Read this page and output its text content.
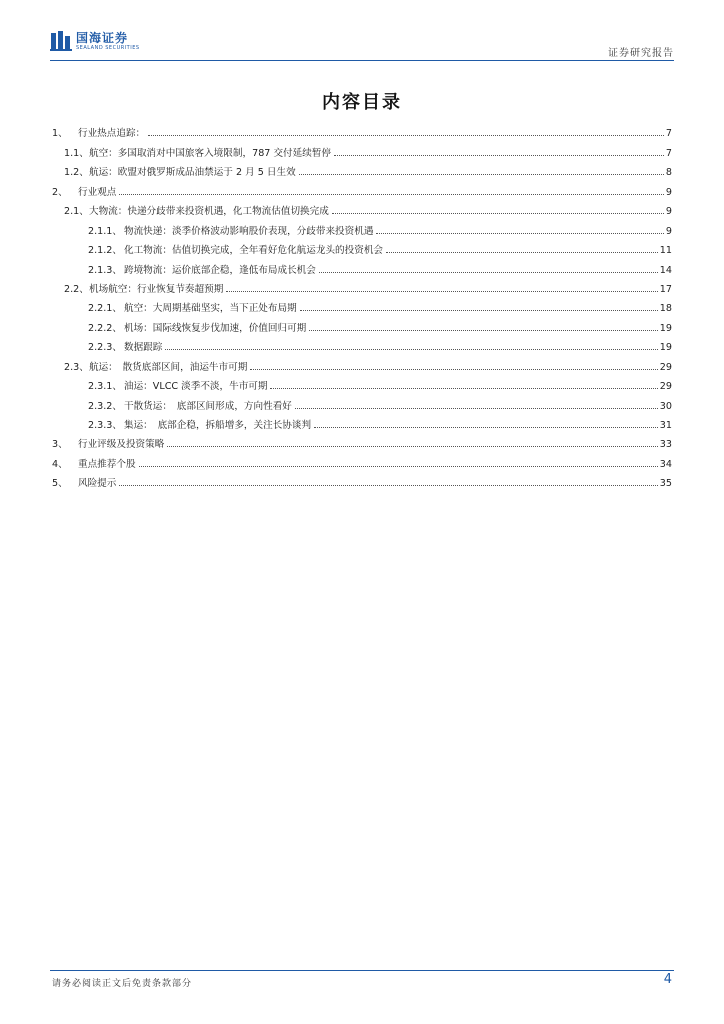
国海证券
SEALAND SECURITIES
证券研究报告
内容目录
1、	行业热点追踪：	7
1.1、 航空：多国取消对中国旅客入境限制，787 交付延续暂停	7
1.2、 航运：欧盟对俄罗斯成品油禁运于 2 月 5 日生效	8
2、	行业观点	9
2.1、 大物流：快递分歧带来投资机遇，化工物流估值切换完成	9
2.1.1、 物流快递：淡季价格波动影响股价表现，分歧带来投资机遇	9
2.1.2、 化工物流：估值切换完成，全年看好危化航运龙头的投资机会	11
2.1.3、 跨境物流：运价底部企稳，逢低布局成长机会	14
2.2、 机场航空：行业恢复节奏超预期	17
2.2.1、 航空：大周期基础坚实，当下正处布局期	18
2.2.2、 机场：国际线恢复步伐加速，价值回归可期	19
2.2.3、 数据跟踪	19
2.3、 航运：　散货底部区间，油运牛市可期	29
2.3.1、 油运：VLCC 淡季不淡，牛市可期	29
2.3.2、 干散货运：　底部区间形成，方向性看好	30
2.3.3、 集运：　底部企稳，拆船增多，关注长协谈判	31
3、	行业评级及投资策略	33
4、	重点推荐个股	34
5、	风险提示	35
请务必阅读正文后免责条款部分	4
